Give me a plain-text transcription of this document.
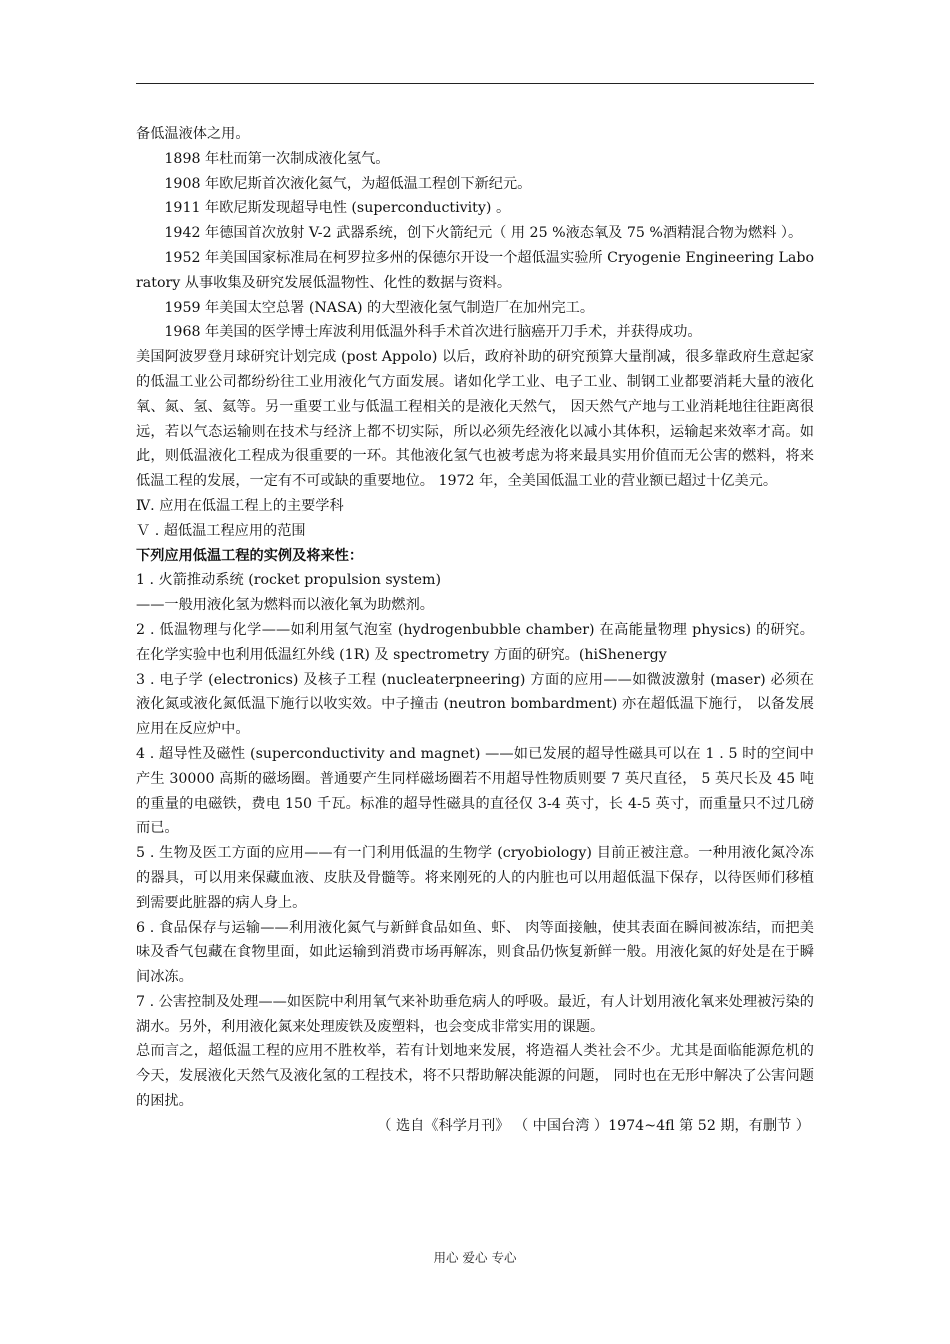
备低温液体之用。

1898 年杜而第一次制成液化氢气。

1908 年欧尼斯首次液化氦气，为超低温工程创下新纪元。

1911 年欧尼斯发现超导电性 (superconductivity) 。

1942 年德国首次放射 V-2 武器系统，创下火箭纪元（ 用 25 %液态氧及 75 %酒精混合物为燃料 ）。

1952 年美国国家标准局在柯罗拉多州的保德尔开设一个超低温实验所 Cryogenie Engineering Laboratory 从事收集及研究发展低温物性、化性的数据与资料。

1959 年美国太空总署 (NASA) 的大型液化氢气制造厂在加州完工。

1968 年美国的医学博士库波利用低温外科手术首次进行脑癌开刀手术，并获得成功。

美国阿波罗登月球研究计划完成 (post Appolo) 以后，政府补助的研究预算大量削减，很多靠政府生意起家的低温工业公司都纷纷往工业用液化气方面发展。诸如化学工业、电子工业、制钢工业都要消耗大量的液化氧、氮、氢、氦等。另一重要工业与低温工程相关的是液化天然气， 因天然气产地与工业消耗地往往距离很远，若以气态运输则在技术与经济上都不切实际，所以必须先经液化以减小其体积，运输起来效率才高。如此，则低温液化工程成为很重要的一环。其他液化氢气也被考虑为将来最具实用价值而无公害的燃料，将来低温工程的发展，一定有不可或缺的重要地位。 1972 年，全美国低温工业的营业额已超过十亿美元。

Ⅳ. 应用在低温工程上的主要学科

Ｖ . 超低温工程应用的范围

下列应用低温工程的实例及将来性：

1 . 火箭推动系统 (rocket propulsion system)

——一般用液化氢为燃料而以液化氧为助燃剂。

2 . 低温物理与化学——如利用氢气泡室 (hydrogenbubble chamber) 在高能量物理 physics) 的研究。在化学实验中也利用低温红外线 (1R) 及 spectrometry 方面的研究。(hiShenergy

3 . 电子学 (electronics) 及核子工程 (nucleaterpneering) 方面的应用——如微波激射 (maser) 必须在液化氮或液化氮低温下施行以收实效。中子撞击 (neutron bombardment) 亦在超低温下施行， 以备发展应用在反应炉中。

4 . 超导性及磁性 (superconductivity and magnet) ——如已发展的超导性磁具可以在 1 . 5 时的空间中产生 30000 高斯的磁场圈。普通要产生同样磁场圈若不用超导性物质则要 7 英尺直径， 5 英尺长及 45 吨的重量的电磁铁，费电 150 千瓦。标准的超导性磁具的直径仅 3-4 英寸，长 4-5 英寸，而重量只不过几磅而已。

5 . 生物及医工方面的应用——有一门利用低温的生物学 (cryobiology) 目前正被注意。一种用液化氮冷冻的器具，可以用来保藏血液、皮肤及骨髓等。将来刚死的人的内脏也可以用超低温下保存，以待医师们移植到需要此脏器的病人身上。

6 . 食品保存与运输——利用液化氮气与新鲜食品如鱼、虾、 肉等面接触，使其表面在瞬间被冻结，而把美味及香气包藏在食物里面，如此运输到消费市场再解冻，则食品仍恢复新鲜一般。用液化氮的好处是在于瞬间冰冻。

7 . 公害控制及处理——如医院中利用氧气来补助垂危病人的呼吸。最近，有人计划用液化氧来处理被污染的湖水。另外，利用液化氮来处理废铁及废塑料，也会变成非常实用的课题。

总而言之，超低温工程的应用不胜枚举，若有计划地来发展，将造福人类社会不少。尤其是面临能源危机的今天，发展液化天然气及液化氢的工程技术，将不只帮助解决能源的问题， 同时也在无形中解决了公害问题的困扰。

（ 选自《科学月刊》 （ 中国台湾 ）1974~4fl 第 52 期，有删节 ）

用心 爱心 专心
